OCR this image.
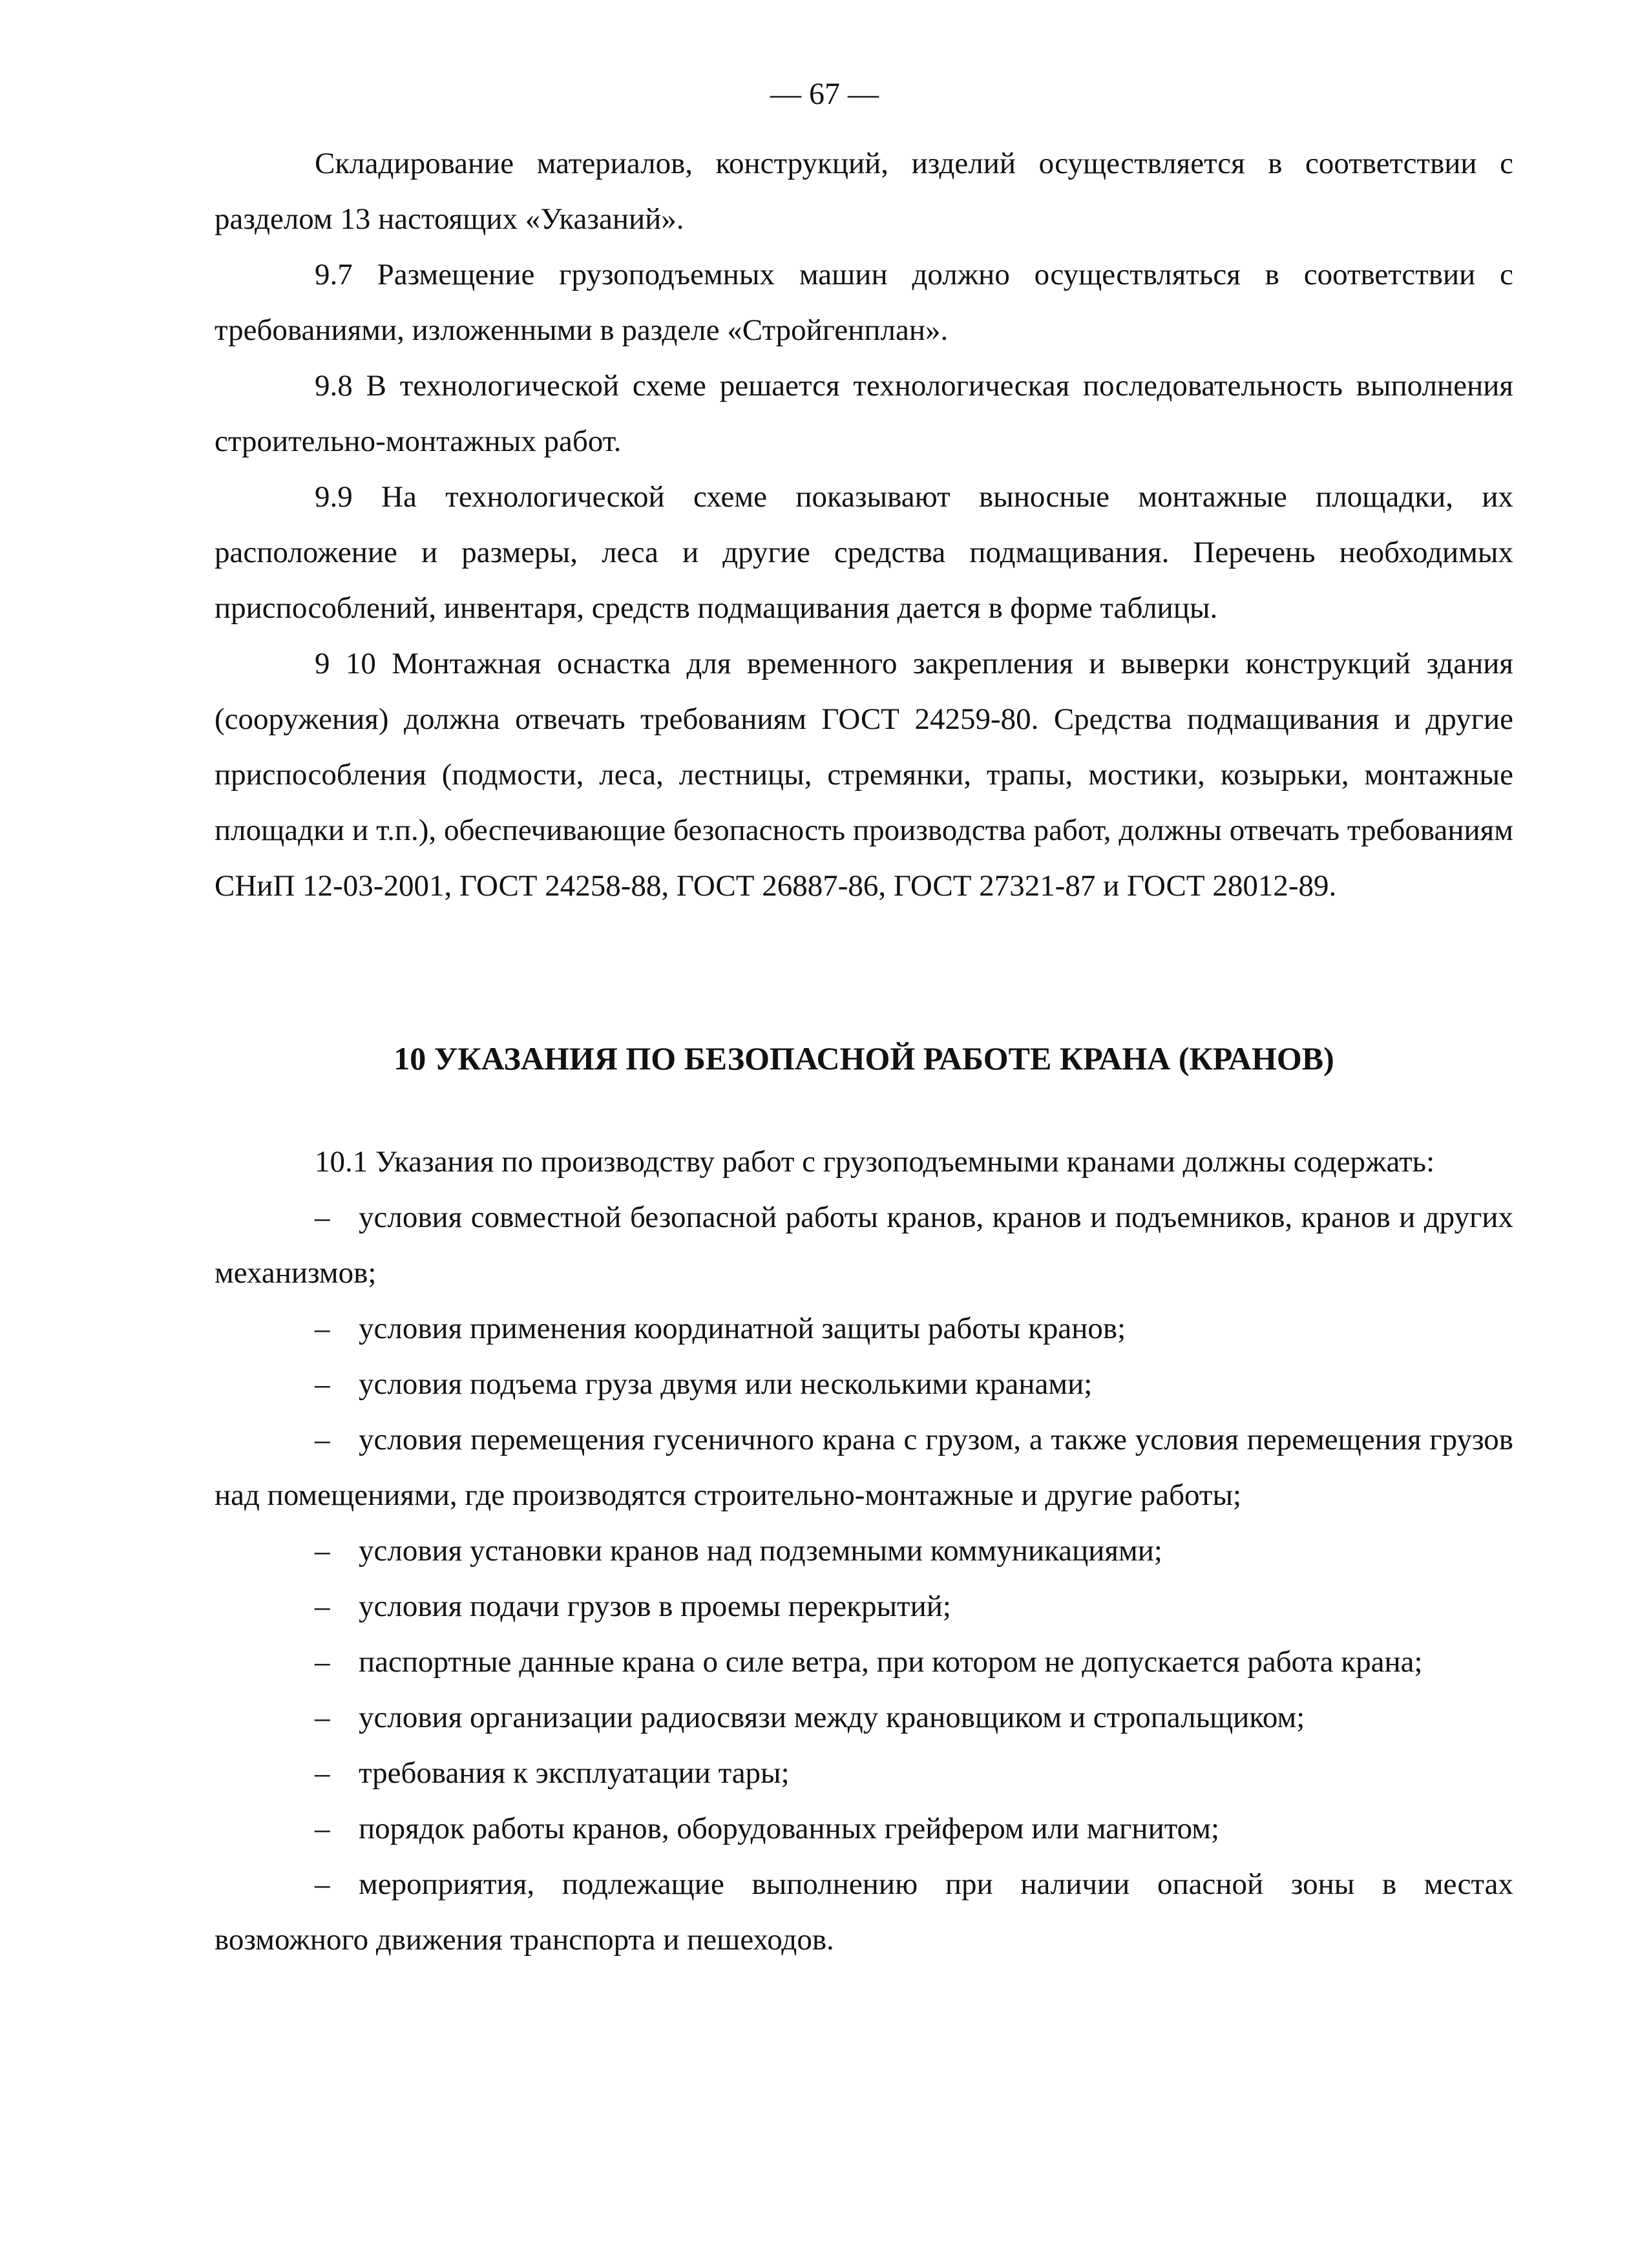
— 67 —

Складирование материалов, конструкций, изделий осуществляется в соответствии с разделом 13 настоящих «Указаний».

9.7 Размещение грузоподъемных машин должно осуществляться в соответствии с требованиями, изложенными в разделе «Стройгенплан».

9.8 В технологической схеме решается технологическая последовательность выполнения строительно-монтажных работ.

9.9 На технологической схеме показывают выносные монтажные площадки, их расположение и размеры, леса и другие средства подмащивания. Перечень необходимых приспособлений, инвентаря, средств подмащивания дается в форме таблицы.

9 10 Монтажная оснастка для временного закрепления и выверки конструкций здания (сооружения) должна отвечать требованиям ГОСТ 24259-80. Средства подмащивания и другие приспособления (подмости, леса, лестницы, стремянки, трапы, мостики, козырьки, монтажные площадки и т.п.), обеспечивающие безопасность производства работ, должны отвечать требованиям СНиП 12-03-2001, ГОСТ 24258-88, ГОСТ 26887-86, ГОСТ 27321-87 и ГОСТ 28012-89.

10 УКАЗАНИЯ ПО БЕЗОПАСНОЙ РАБОТЕ КРАНА (КРАНОВ)

10.1 Указания по производству работ с грузоподъемными кранами должны содержать:

– условия совместной безопасной работы кранов, кранов и подъемников, кранов и других механизмов;

– условия применения координатной защиты работы кранов;

– условия подъема груза двумя или несколькими кранами;

– условия перемещения гусеничного крана с грузом, а также условия перемещения грузов над помещениями, где производятся строительно-монтажные и другие работы;

– условия установки кранов над подземными коммуникациями;

– условия подачи грузов в проемы перекрытий;

– паспортные данные крана о силе ветра, при котором не допускается работа крана;

– условия организации радиосвязи между крановщиком и стропальщиком;

– требования к эксплуатации тары;

– порядок работы кранов, оборудованных грейфером или магнитом;

– мероприятия, подлежащие выполнению при наличии опасной зоны в местах возможного движения транспорта и пешеходов.
